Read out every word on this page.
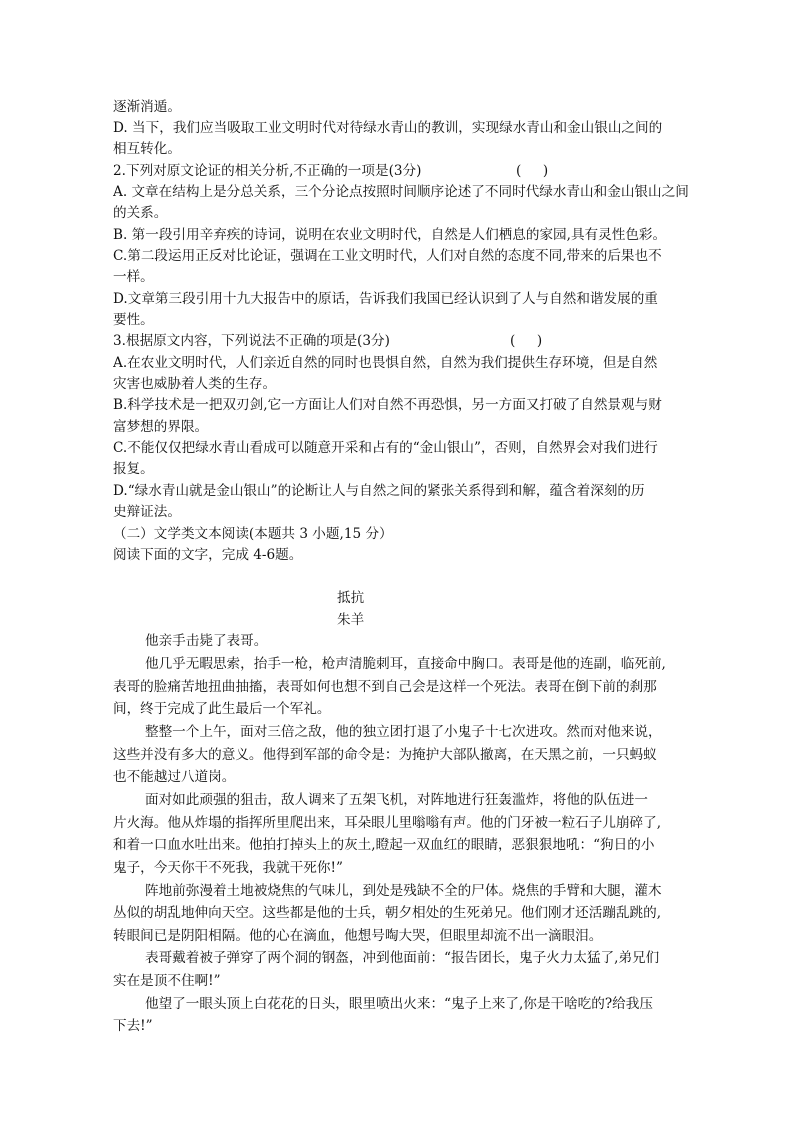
逐渐消遁。
D. 当下，我们应当吸取工业文明时代对待绿水青山的教训，实现绿水青山和金山银山之间的
相互转化。
2.下列对原文论证的相关分析,不正确的一项是(3分)	(     )
A. 文章在结构上是分总关系，三个分论点按照时间顺序论述了不同时代绿水青山和金山银山之间
的关系。
B. 第一段引用辛弃疾的诗词，说明在农业文明时代，自然是人们栖息的家园,具有灵性色彩。
C.第二段运用正反对比论证，强调在工业文明时代，人们对自然的态度不同,带来的后果也不
一样。
D.文章第三段引用十九大报告中的原话，告诉我们我国已经认识到了人与自然和谐发展的重
要性。
3.根据原文内容，下列说法不正确的项是(3分)	(     )
A.在农业文明时代，人们亲近自然的同时也畏惧自然，自然为我们提供生存环境，但是自然
灾害也威胁着人类的生存。
B.科学技术是一把双刃剑,它一方面让人们对自然不再恐惧，另一方面又打破了自然景观与财
富梦想的界限。
C.不能仅仅把绿水青山看成可以随意开采和占有的“金山银山”，否则，自然界会对我们进行
报复。
D.“绿水青山就是金山银山”的论断让人与自然之间的紧张关系得到和解，蕴含着深刻的历
史辩证法。
（二）文学类文本阅读(本题共 3 小题,15 分）
阅读下面的文字，完成 4-6题。
抵抗
朱羊
他亲手击毙了表哥。
他几乎无暇思索，抬手一枪，枪声清脆刺耳，直接命中胸口。表哥是他的连副，临死前,
表哥的脸痛苦地扭曲抽搐，表哥如何也想不到自己会是这样一个死法。表哥在倒下前的刹那
间，终于完成了此生最后一个军礼。
整整一个上午，面对三倍之敌，他的独立团打退了小鬼子十七次进攻。然而对他来说，
这些并没有多大的意义。他得到军部的命令是：为掩护大部队撤离，在天黑之前，一只蚂蚁
也不能越过八道岗。
面对如此顽强的狙击，敌人调来了五架飞机，对阵地进行狂轰滥炸，将他的队伍进一
片火海。他从炸塌的指挥所里爬出来，耳朵眼儿里嗡嗡有声。他的门牙被一粒石子儿崩碎了,
和着一口血水吐出来。他拍打掉头上的灰土,瞪起一双血红的眼睛，恶狠狠地吼：“狗日的小
鬼子，今天你干不死我，我就干死你!”
阵地前弥漫着土地被烧焦的气味儿，到处是残缺不全的尸体。烧焦的手臂和大腿，灌木
丛似的胡乱地伸向天空。这些都是他的士兵，朝夕相处的生死弟兄。他们刚才还活蹦乱跳的,
转眼间已是阴阳相隔。他的心在滴血，他想号啕大哭，但眼里却流不出一滴眼泪。
表哥戴着被子弹穿了两个洞的钢盔，冲到他面前：“报告团长，鬼子火力太猛了,弟兄们
实在是顶不住啊!”
他望了一眼头顶上白花花的日头，眼里喷出火来：“鬼子上来了,你是干啥吃的?给我压
下去!”
